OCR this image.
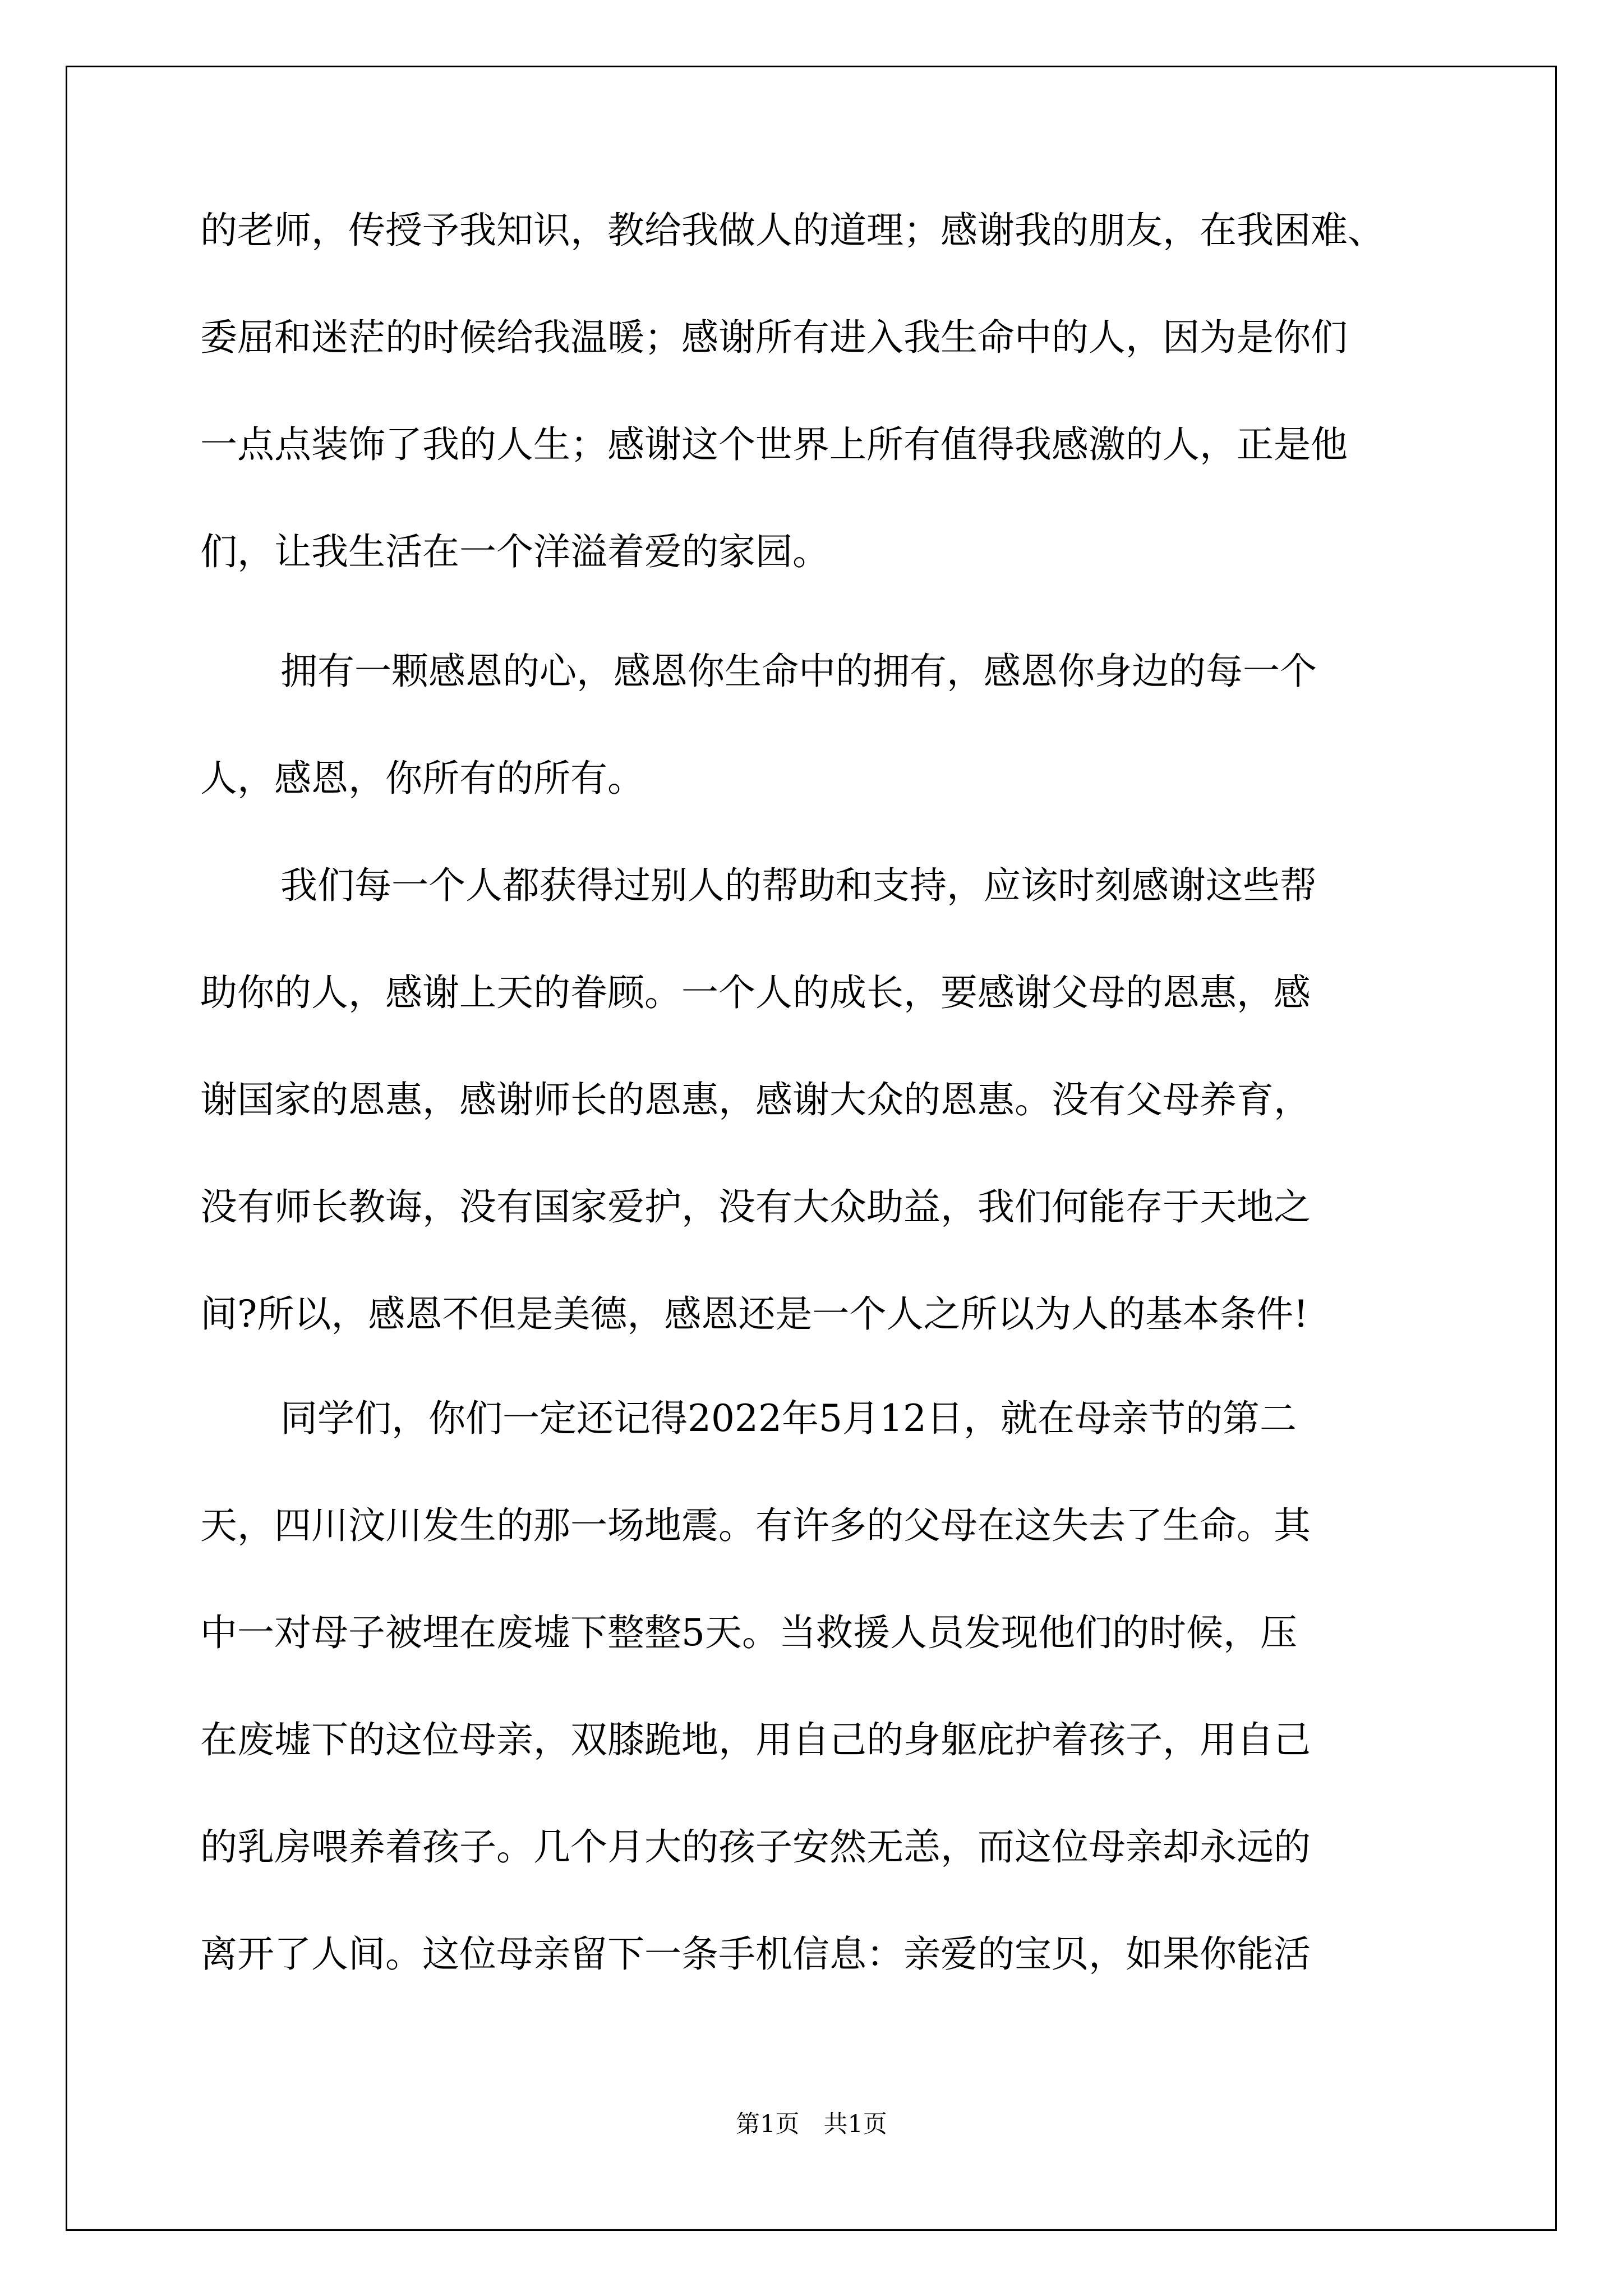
的老师，传授予我知识，教给我做人的道理；感谢我的朋友，在我困难、
委屈和迷茫的时候给我温暖；感谢所有进入我生命中的人，因为是你们
一点点装饰了我的人生；感谢这个世界上所有值得我感激的人，正是他
们，让我生活在一个洋溢着爱的家园。
拥有一颗感恩的心，感恩你生命中的拥有，感恩你身边的每一个
人，感恩，你所有的所有。
我们每一个人都获得过别人的帮助和支持，应该时刻感谢这些帮
助你的人，感谢上天的眷顾。一个人的成长，要感谢父母的恩惠，感
谢国家的恩惠，感谢师长的恩惠，感谢大众的恩惠。没有父母养育，
没有师长教诲，没有国家爱护，没有大众助益，我们何能存于天地之
间?所以，感恩不但是美德，感恩还是一个人之所以为人的基本条件!
同学们，你们一定还记得2022年5月12日，就在母亲节的第二
天，四川汶川发生的那一场地震。有许多的父母在这失去了生命。其
中一对母子被埋在废墟下整整5天。当救援人员发现他们的时候，压
在废墟下的这位母亲，双膝跪地，用自己的身躯庇护着孩子，用自己
的乳房喂养着孩子。几个月大的孩子安然无恙，而这位母亲却永远的
离开了人间。这位母亲留下一条手机信息：亲爱的宝贝，如果你能活
第1页　共1页
